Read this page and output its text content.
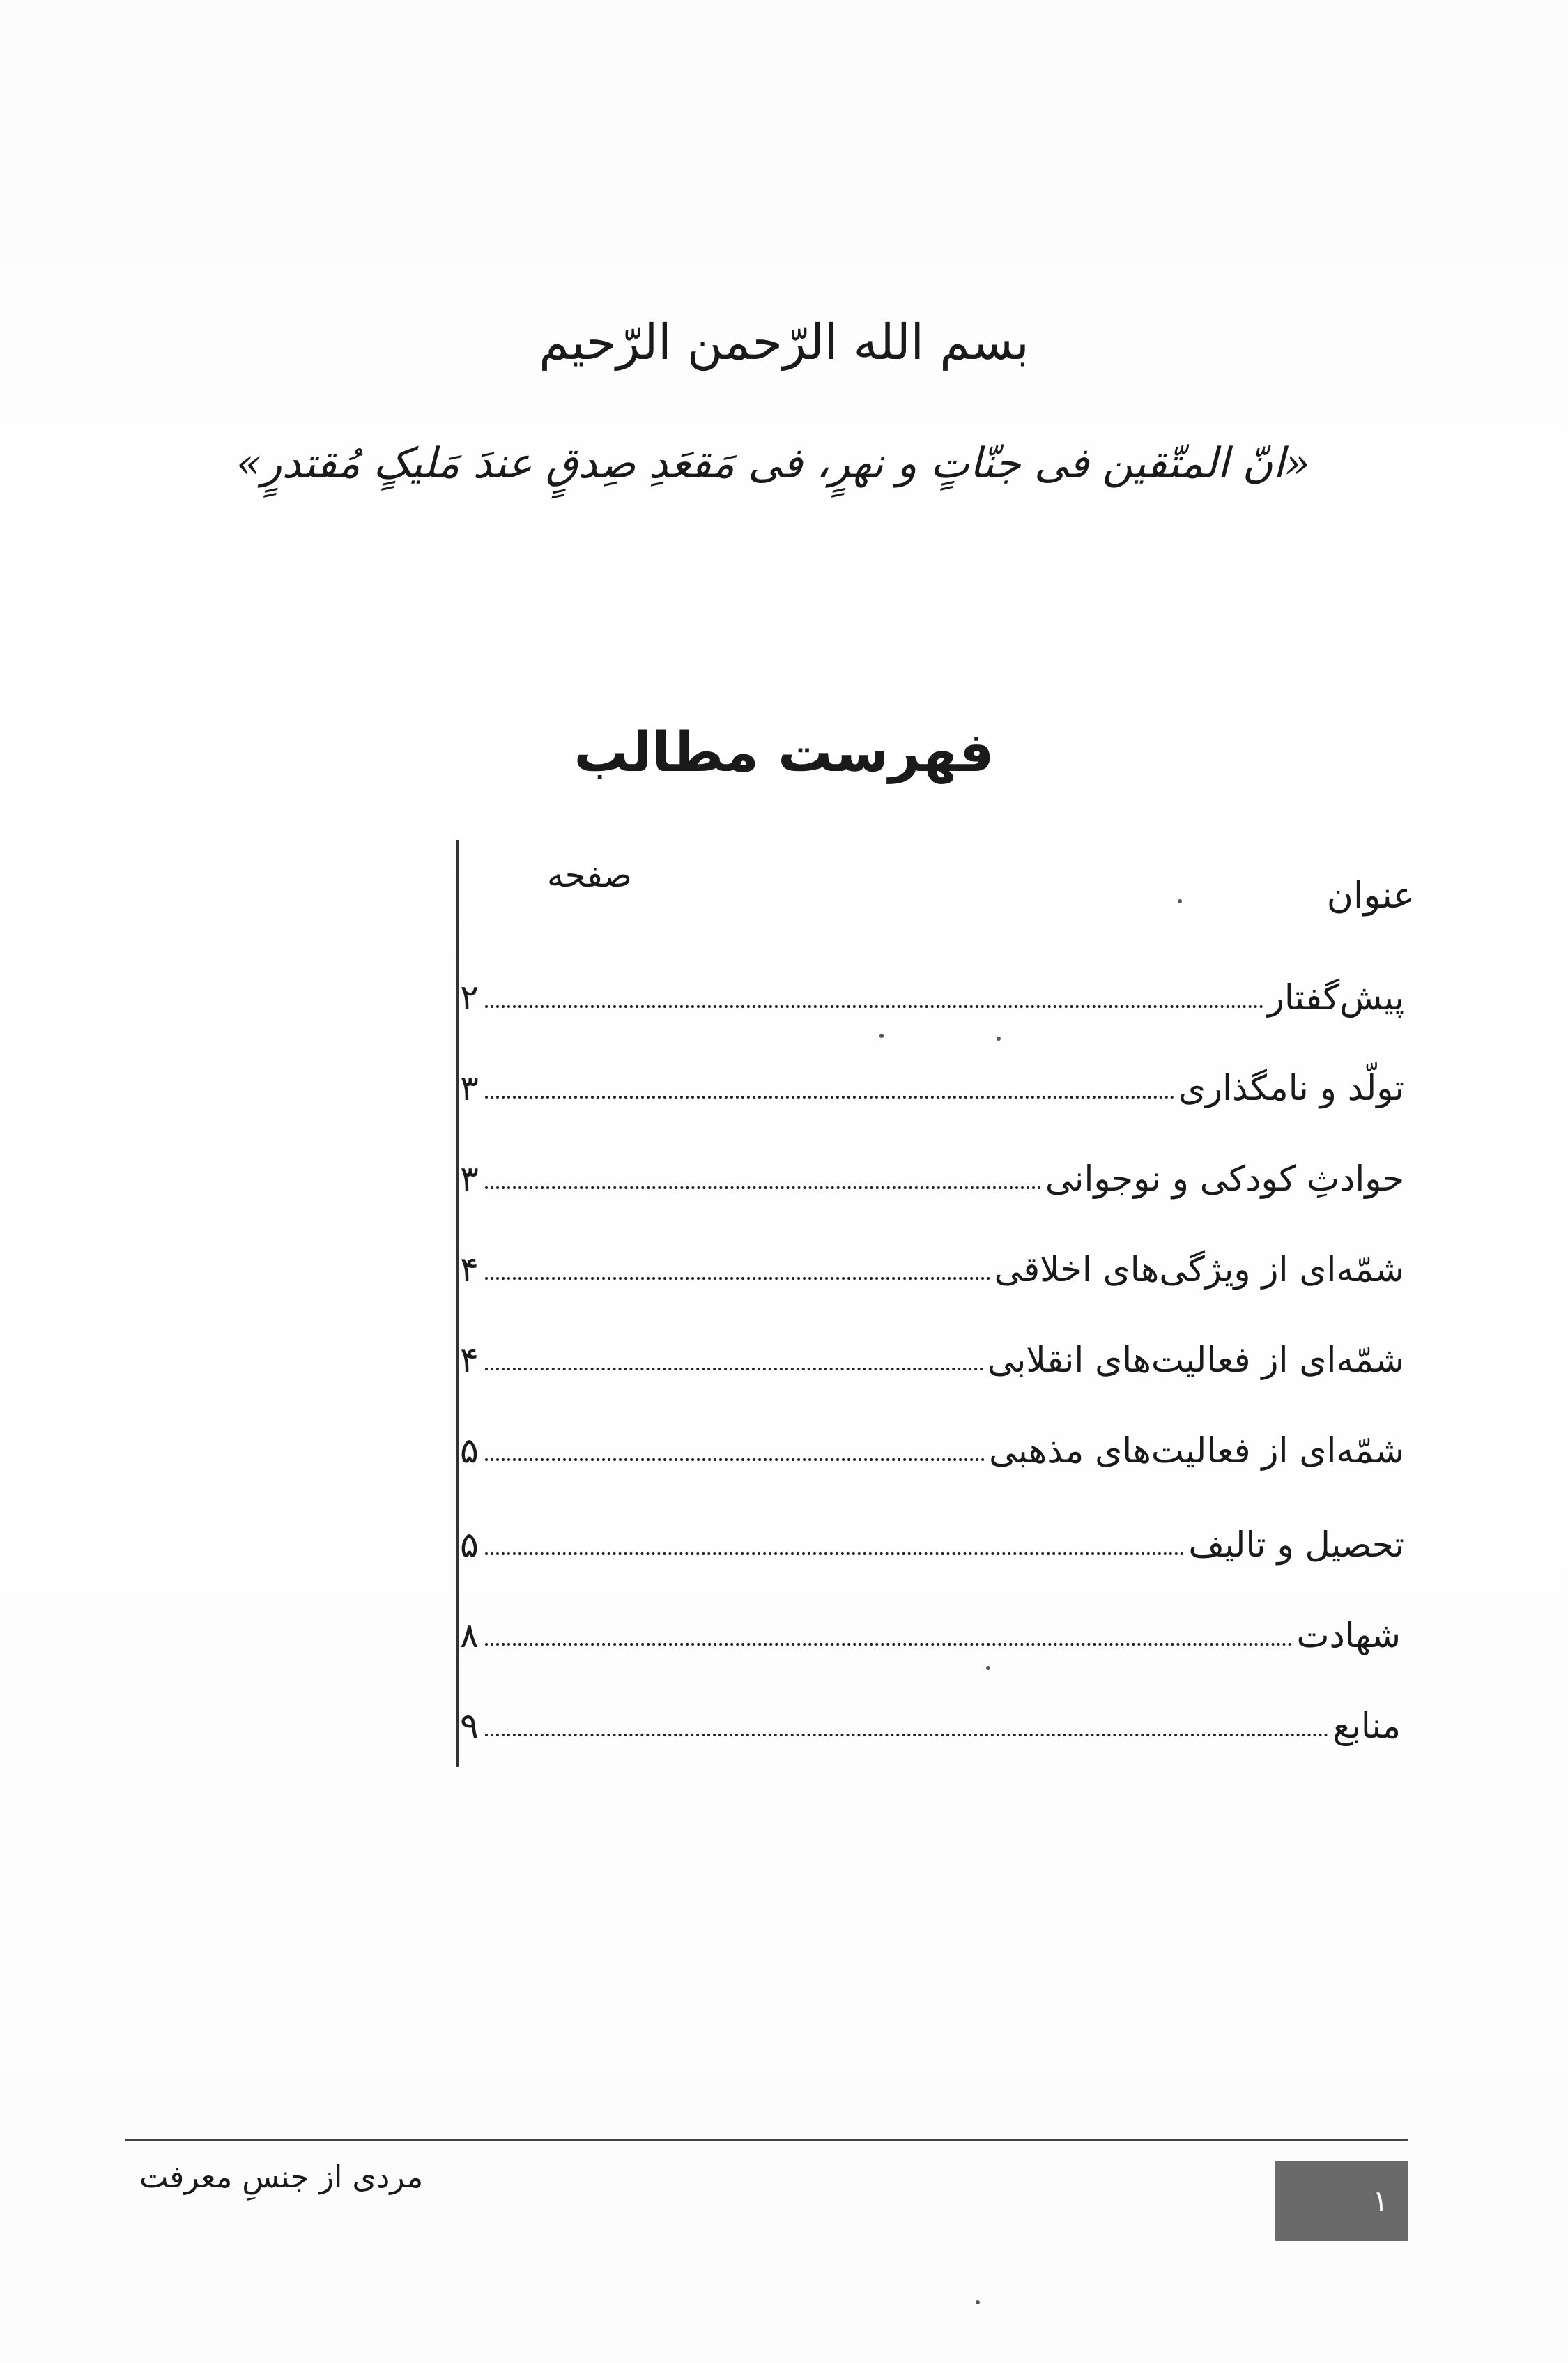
بسم الله الرّحمن الرّحیم
«انّ المتّقین فی جنّاتٍ و نهرٍ، فی مَقعَدِ صِدقٍ عندَ مَلیکٍ مُقتدرٍ»
فهرست مطالب
عنوان
صفحه
پیش‌گفتار
۲
تولّد و نامگذاری
۳
حوادثِ کودکی و نوجوانی
۳
شمّه‌ای از ویژگی‌های اخلاقی
۴
شمّه‌ای از فعالیت‌های انقلابی
۴
شمّه‌ای از فعالیت‌های مذهبی
۵
تحصیل و تالیف
۵
شهادت
۸
منابع
۹
مردی از جنسِ معرفت
۱
